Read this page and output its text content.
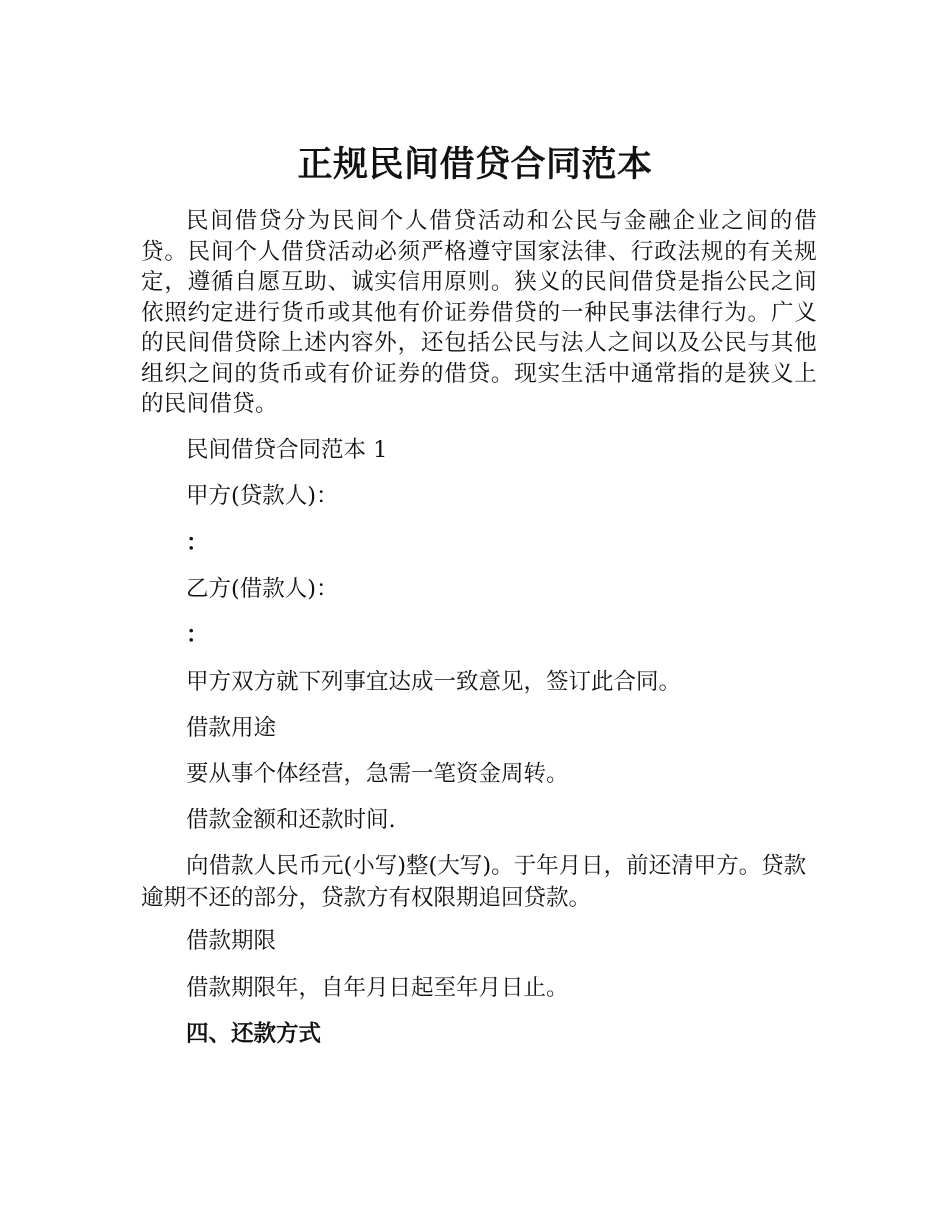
正规民间借贷合同范本

民间借贷分为民间个人借贷活动和公民与金融企业之间的借贷。民间个人借贷活动必须严格遵守国家法律、行政法规的有关规定，遵循自愿互助、诚实信用原则。狭义的民间借贷是指公民之间依照约定进行货币或其他有价证券借贷的一种民事法律行为。广义的民间借贷除上述内容外，还包括公民与法人之间以及公民与其他组织之间的货币或有价证券的借贷。现实生活中通常指的是狭义上的民间借贷。

民间借贷合同范本 1

甲方(贷款人)：

：

乙方(借款人)：

：

甲方双方就下列事宜达成一致意见，签订此合同。

借款用途

要从事个体经营，急需一笔资金周转。

借款金额和还款时间.

向借款人民币元(小写)整(大写)。于年月日，前还清甲方。贷款逾期不还的部分，贷款方有权限期追回贷款。

借款期限

借款期限年，自年月日起至年月日止。

四、还款方式
